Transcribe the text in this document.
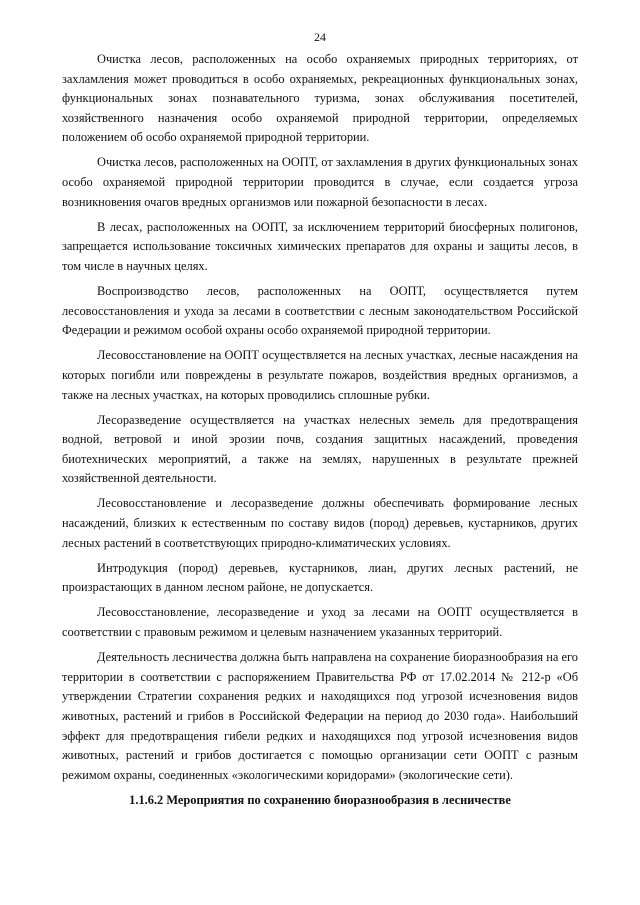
24

Очистка лесов, расположенных на особо охраняемых природных территориях, от захламления может проводиться в особо охраняемых, рекреационных функциональных зонах, функциональных зонах познавательного туризма, зонах обслуживания посетителей, хозяйственного назначения особо охраняемой природной территории, определяемых положением об особо охраняемой природной территории.

Очистка лесов, расположенных на ООПТ, от захламления в других функциональных зонах особо охраняемой природной территории проводится в случае, если создается угроза возникновения очагов вредных организмов или пожарной безопасности в лесах.

В лесах, расположенных на ООПТ, за исключением территорий биосферных полигонов, запрещается использование токсичных химических препаратов для охраны и защиты лесов, в том числе в научных целях.

Воспроизводство лесов, расположенных на ООПТ, осуществляется путем лесовосстановления и ухода за лесами в соответствии с лесным законодательством Российской Федерации и режимом особой охраны особо охраняемой природной территории.

Лесовосстановление на ООПТ осуществляется на лесных участках, лесные насаждения на которых погибли или повреждены в результате пожаров, воздействия вредных организмов, а также на лесных участках, на которых проводились сплошные рубки.

Лесоразведение осуществляется на участках нелесных земель для предотвращения водной, ветровой и иной эрозии почв, создания защитных насаждений, проведения биотехнических мероприятий, а также на землях, нарушенных в результате прежней хозяйственной деятельности.

Лесовосстановление и лесоразведение должны обеспечивать формирование лесных насаждений, близких к естественным по составу видов (пород) деревьев, кустарников, других лесных растений в соответствующих природно-климатических условиях.

Интродукция (пород) деревьев, кустарников, лиан, других лесных растений, не произрастающих в данном лесном районе, не допускается.

Лесовосстановление, лесоразведение и уход за лесами на ООПТ осуществляется в соответствии с правовым режимом и целевым назначением указанных территорий.

Деятельность лесничества должна быть направлена на сохранение биоразнообразия на его территории в соответствии с распоряжением Правительства РФ от 17.02.2014 № 212-р «Об утверждении Стратегии сохранения редких и находящихся под угрозой исчезновения видов животных, растений и грибов в Российской Федерации на период до 2030 года». Наибольший эффект для предотвращения гибели редких и находящихся под угрозой исчезновения видов животных, растений и грибов достигается с помощью организации сети ООПТ с разным режимом охраны, соединенных «экологическими коридорами» (экологические сети).

1.1.6.2 Мероприятия по сохранению биоразнообразия в лесничестве
